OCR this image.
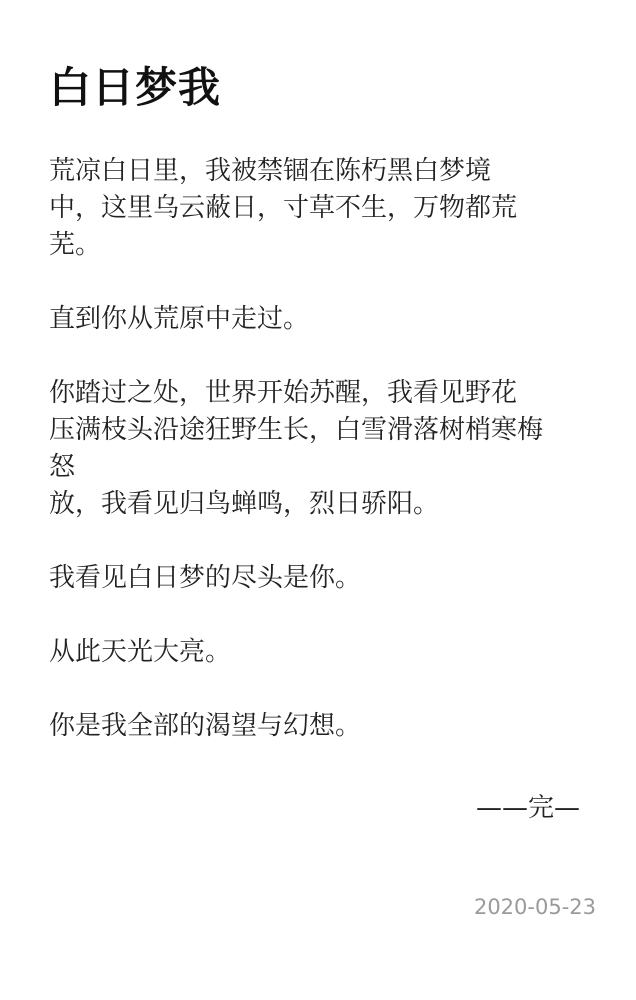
白日梦我

荒凉白日里，我被禁锢在陈朽黑白梦境
中，这里乌云蔽日，寸草不生，万物都荒
芜。

直到你从荒原中走过。

你踏过之处，世界开始苏醒，我看见野花
压满枝头沿途狂野生长，白雪滑落树梢寒梅
怒
放，我看见归鸟蝉鸣，烈日骄阳。

我看见白日梦的尽头是你。

从此天光大亮。

你是我全部的渴望与幻想。

——完—
2020-05-23
